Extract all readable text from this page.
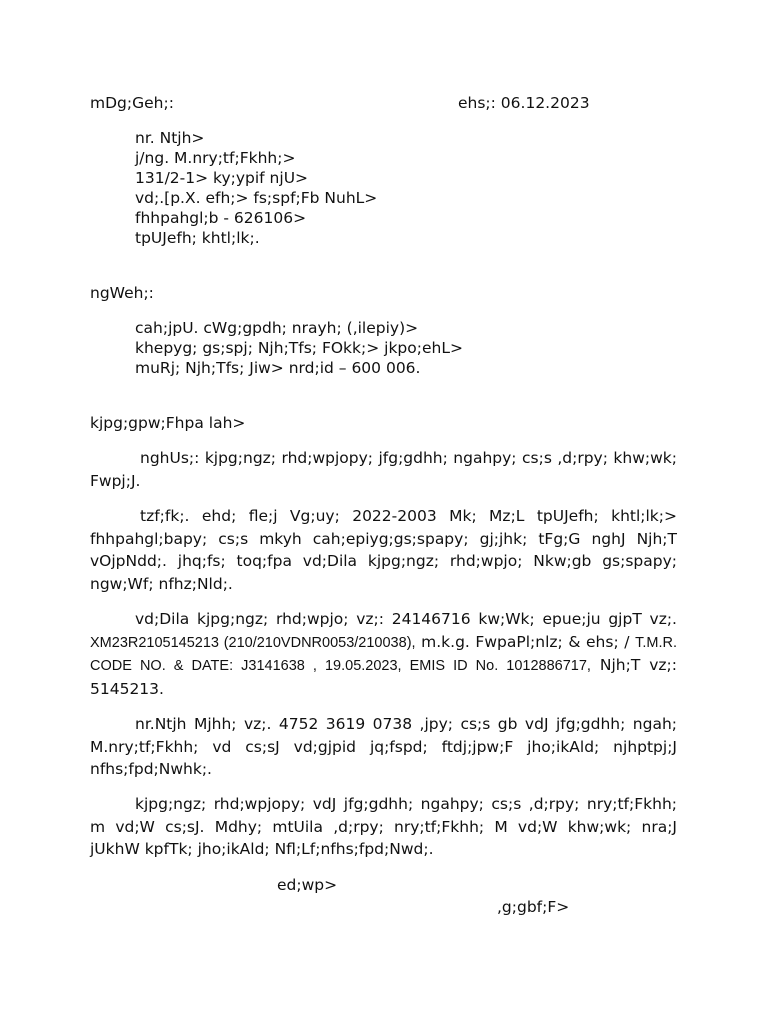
mDg;Geh;:	ehs;: 06.12.2023
nr. Ntjh>
j/ng. M.nry;tf;Fkhh;>
131/2-1> ky;ypif njU>
vd;.[p.X. efh;> fs;spf;Fb NuhL>
fhhpahgl;b - 626106>
tpUJefh; khtl;lk;.
ngWeh;:
cah;jpU. cWg;gpdh; nrayh; (,ilepiy)>
khepyg; gs;spj; Njh;Tfs; FOkk;> jkpo;ehL>
muRj; Njh;Tfs; Jiw> nrd;id – 600 006.
kjpg;gpw;Fhpa lah>
nghUs;: kjpg;ngz; rhd;wpjopy; jfg;gdhh; ngahpy; cs;s ,d;rpy; khw;wk; Fwpj;J.
tzf;fk;. ehd; fle;j Vg;uy; 2022-2003 Mk; Mz;L tpUJefh; khtl;lk;> fhhpahgl;bapy; cs;s mkyh cah;epiyg;gs;spapy; gj;jhk; tFg;G nghJ Njh;T vOjpNdd;. jhq;fs; toq;fpa vd;Dila kjpg;ngz; rhd;wpjo; Nkw;gb gs;spapy; ngw;Wf; nfhz;Nld;.
vd;Dila kjpg;ngz; rhd;wpjo; vz;: 24146716 kw;Wk; epue;ju gjpT vz;. XM23R2105145213 (210/210VDNR0053/210038), m.k.g. FwpaPl;nlz; & ehs; / T.M.R. CODE NO. & DATE: J3141638 , 19.05.2023, EMIS ID No. 1012886717, Njh;T vz;: 5145213.
nr.Ntjh Mjhh; vz;. 4752 3619 0738 ,jpy; cs;s gb vdJ jfg;gdhh; ngah; M.nry;tf;Fkhh; vd cs;sJ vd;gjpid jq;fspd; ftdj;jpw;F jho;ikAld; njhptpj;J nfhs;fpd;Nwhk;.
kjpg;ngz; rhd;wpjopy; vdJ jfg;gdhh; ngahpy; cs;s ,d;rpy; nry;tf;Fkhh; m vd;W cs;sJ. Mdhy; mtUila ,d;rpy; nry;tf;Fkhh; M vd;W khw;wk; nra;J jUkhW kpfTk; jho;ikAld; Nfl;Lf;nfhs;fpd;Nwd;.
ed;wp>
,g;gbf;F>
